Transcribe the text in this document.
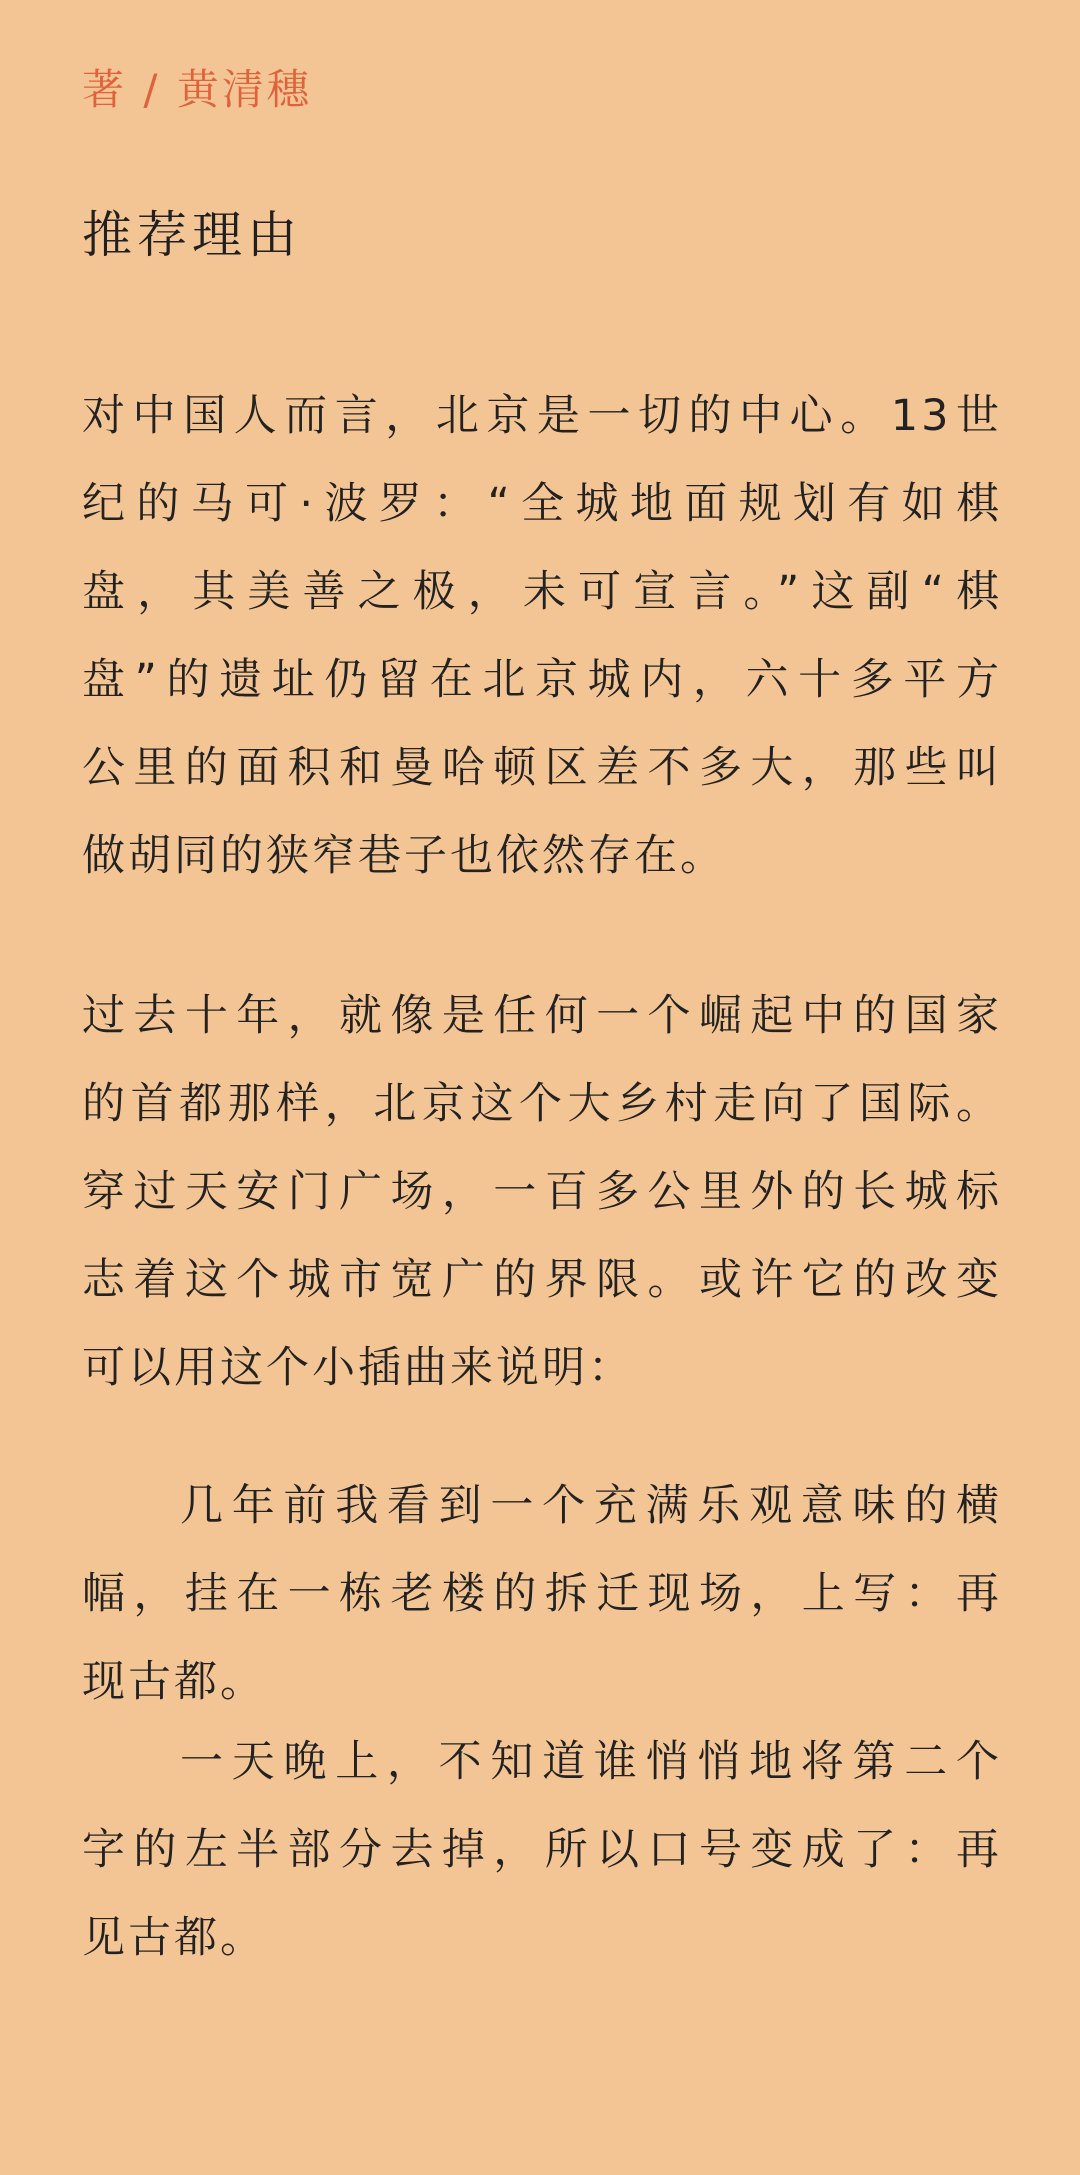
著 / 黄清穗
推荐理由
对中国人而言，北京是一切的中心。13世
纪的马可·波罗：“全城地面规划有如棋
盘，其美善之极，未可宣言。”这副“棋
盘”的遗址仍留在北京城内，六十多平方
公里的面积和曼哈顿区差不多大，那些叫
做胡同的狭窄巷子也依然存在。
过去十年，就像是任何一个崛起中的国家
的首都那样，北京这个大乡村走向了国际。
穿过天安门广场，一百多公里外的长城标
志着这个城市宽广的界限。或许它的改变
可以用这个小插曲来说明：
几年前我看到一个充满乐观意味的横
幅，挂在一栋老楼的拆迁现场，上写：再
现古都。
一天晚上，不知道谁悄悄地将第二个
字的左半部分去掉，所以口号变成了：再
见古都。
